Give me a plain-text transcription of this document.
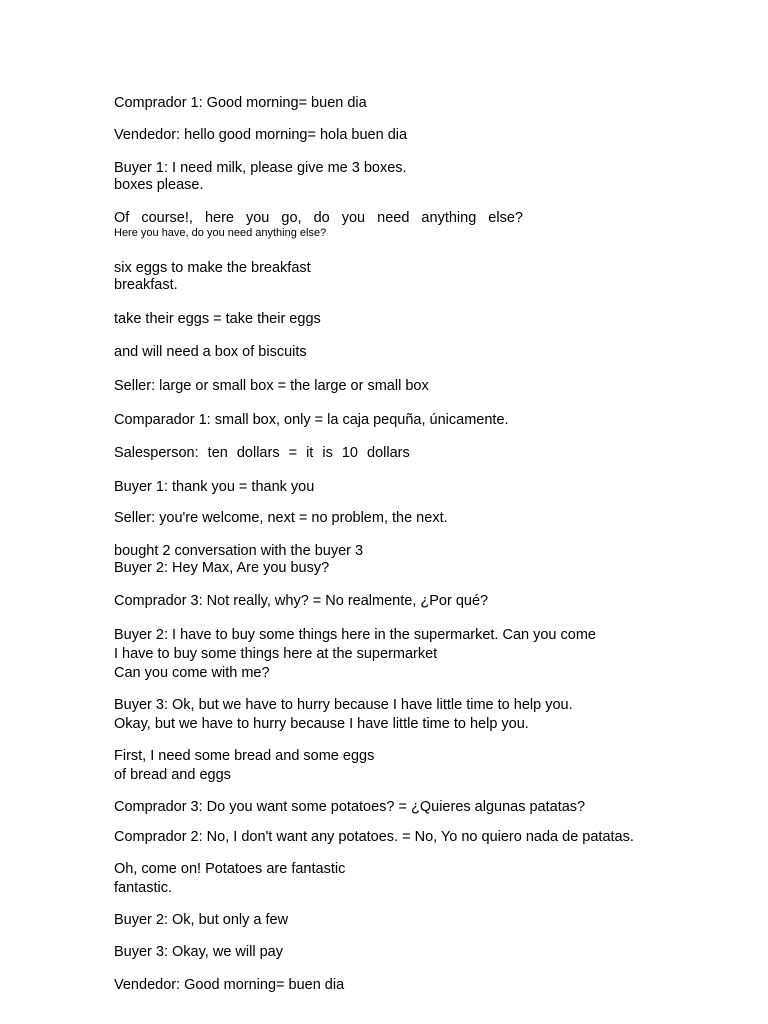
Comprador 1: Good morning= buen dia
Vendedor: hello good morning= hola buen dia
Buyer 1: I need milk, please give me 3 boxes.
boxes please.
Of course!, here you go, do you need anything else?
Here you have, do you need anything else?
six eggs to make the breakfast
breakfast.
take their eggs = take their eggs
and will need a box of biscuits
Seller: large or small box = the large or small box
Comparador 1: small box, only = la caja pequña, únicamente.
Salesperson: ten dollars = it is 10 dollars
Buyer 1: thank you = thank you
Seller: you're welcome, next = no problem, the next.
bought 2 conversation with the buyer 3
Buyer 2: Hey Max, Are you busy?
Comprador 3: Not really, why? = No realmente, ¿Por qué?
Buyer 2: I have to buy some things here in the supermarket. Can you come
I have to buy some things here at the supermarket
Can you come with me?
Buyer 3: Ok, but we have to hurry because I have little time to help you.
Okay, but we have to hurry because I have little time to help you.
First, I need some bread and some eggs
of bread and eggs
Comprador 3: Do you want some potatoes? = ¿Quieres algunas patatas?
Comprador 2: No, I don't want any potatoes. = No, Yo no quiero nada de patatas.
Oh, come on! Potatoes are fantastic
fantastic.
Buyer 2: Ok, but only a few
Buyer 3: Okay, we will pay
Vendedor: Good morning= buen dia
